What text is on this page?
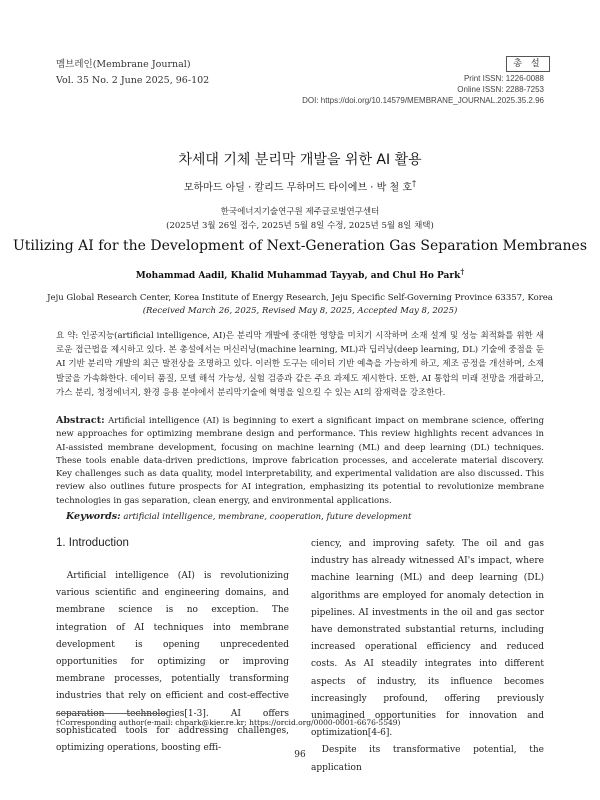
멤브레인(Membrane Journal)
Vol. 35 No. 2 June 2025, 96-102
총 설
Print ISSN: 1226-0088
Online ISSN: 2288-7253
DOI: https://doi.org/10.14579/MEMBRANE_JOURNAL.2025.35.2.96
차세대 기체 분리막 개발을 위한 AI 활용
모하마드 아딜 · 칼리드 무하머드 타이에브 · 박 철 호†
한국에너지기술연구원 제주글로벌연구센터
(2025년 3월 26일 접수, 2025년 5월 8일 수정, 2025년 5월 8일 채택)
Utilizing AI for the Development of Next-Generation Gas Separation Membranes
Mohammad Aadil, Khalid Muhammad Tayyab, and Chul Ho Park†
Jeju Global Research Center, Korea Institute of Energy Research, Jeju Specific Self-Governing Province 63357, Korea
(Received March 26, 2025, Revised May 8, 2025, Accepted May 8, 2025)
요 약: 인공지능(artificial intelligence, AI)은 분리막 개발에 중대한 영향을 미치기 시작하며 소재 설계 및 성능 최적화를 위한 새로운 접근법을 제시하고 있다. 본 총설에서는 머신러닝(machine learning, ML)과 딥러닝(deep learning, DL) 기술에 중점을 둔 AI 기반 분리막 개발의 최근 발전상을 조명하고 있다. 이러한 도구는 데이터 기반 예측을 가능하게 하고, 제조 공정을 개선하며, 소재 발굴을 가속화한다. 데이터 품질, 모델 해석 가능성, 실험 검증과 같은 주요 과제도 제시한다. 또한, AI 통합의 미래 전망을 개괄하고, 가스 분리, 청정에너지, 환경 응용 분야에서 분리막기술에 혁명을 일으킬 수 있는 AI의 잠재력을 강조한다.
Abstract: Artificial intelligence (AI) is beginning to exert a significant impact on membrane science, offering new approaches for optimizing membrane design and performance. This review highlights recent advances in AI-assisted membrane development, focusing on machine learning (ML) and deep learning (DL) techniques. These tools enable data-driven predictions, improve fabrication processes, and accelerate material discovery. Key challenges such as data quality, model interpretability, and experimental validation are also discussed. This review also outlines future prospects for AI integration, emphasizing its potential to revolutionize membrane technologies in gas separation, clean energy, and environmental applications.
Keywords: artificial intelligence, membrane, cooperation, future development
1. Introduction

Artificial intelligence (AI) is revolutionizing various scientific and engineering domains, and membrane science is no exception. The integration of AI techniques into membrane development is opening unprecedented opportunities for optimizing or improving membrane processes, potentially transforming industries that rely on efficient and cost-effective separation technologies[1-3]. AI offers sophisticated tools for addressing challenges, optimizing operations, boosting effi-

ciency, and improving safety. The oil and gas industry has already witnessed AI's impact, where machine learning (ML) and deep learning (DL) algorithms are employed for anomaly detection in pipelines. AI investments in the oil and gas sector have demonstrated substantial returns, including increased operational efficiency and reduced costs. As AI steadily integrates into different aspects of industry, its influence becomes increasingly profound, offering previously unimagined opportunities for innovation and optimization[4-6].

Despite its transformative potential, the application

†Corresponding author(e-mail: chpark@kier.re.kr; https://orcid.org/0000-0001-6676-5549)
96
